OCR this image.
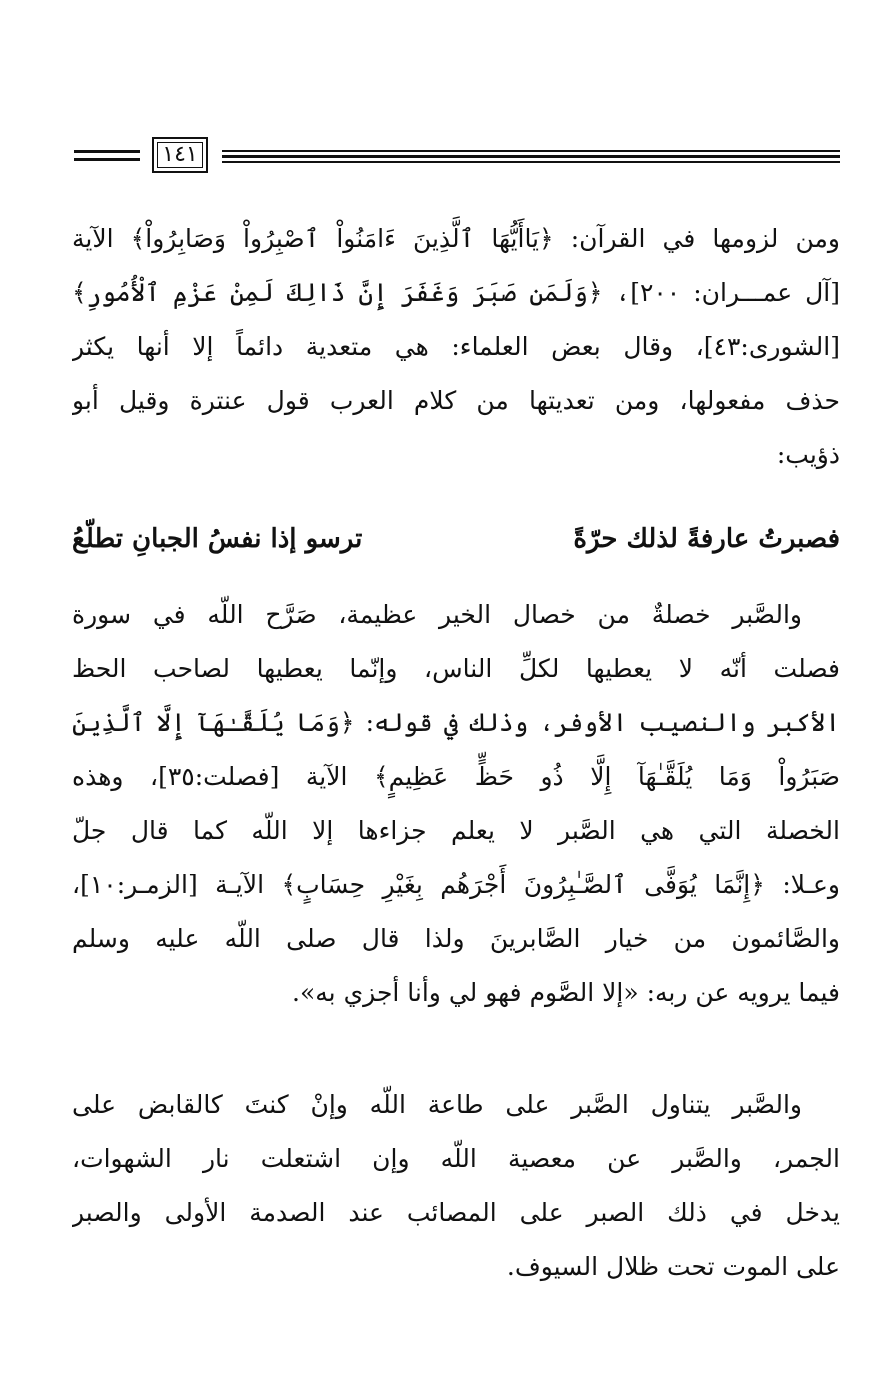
١٤١
ومن لزومها في القرآن: ﴿يَاأَيُّهَا ٱلَّذِينَ ءَامَنُواْ ٱصْبِرُواْ وَصَابِرُواْ﴾ الآية
[آل عمـــران: ٢٠٠]، ﴿وَلَمَن صَبَرَ وَغَفَرَ إِنَّ ذَالِكَ لَمِنْ عَزْمِ ٱلْأُمُورِ﴾
[الشورى:٤٣]، وقال بعض العلماء: هي متعدية دائماً إلا أنها يكثر
حذف مفعولها، ومن تعديتها من كلام العرب قول عنترة وقيل أبو
ذؤيب:
فصبرتُ عارفةً لذلك حرّةً
ترسو إذا نفسُ الجبانِ تطلّعُ
والصَّبر خصلةٌ من خصال الخير عظيمة، صَرَّح اللّه في سورة
فصلت أنّه لا يعطيها لكلِّ الناس، وإنّما يعطيها لصاحب الحظ
الأكبر والنصيب الأوفر، وذلك في قوله: ﴿وَمَا يُلَقَّـٰهَآ إِلَّا ٱلَّذِينَ
صَبَرُواْ وَمَا يُلَقَّـٰهَآ إِلَّا ذُو حَظٍّ عَظِيمٍ﴾ الآية [فصلت:٣٥]، وهذه
الخصلة التي هي الصَّبر لا يعلم جزاءها إلا اللّه كما قال جلّ
وعـلا: ﴿إِنَّمَا يُوَفَّى ٱلصَّـٰبِرُونَ أَجْرَهُم بِغَيْرِ حِسَابٍ﴾ الآيـة [الزمـر:١٠]،
والصَّائمون من خيار الصَّابرينَ ولذا قال صلى اللّه عليه وسلم
فيما يرويه عن ربه: «إلا الصَّوم فهو لي وأنا أجزي به».
والصَّبر يتناول الصَّبر على طاعة اللّه وإنْ كنتَ كالقابض على
الجمر، والصَّبر عن معصية اللّه وإن اشتعلت نار الشهوات،
يدخل في ذلك الصبر على المصائب عند الصدمة الأولى والصبر
على الموت تحت ظلال السيوف.
